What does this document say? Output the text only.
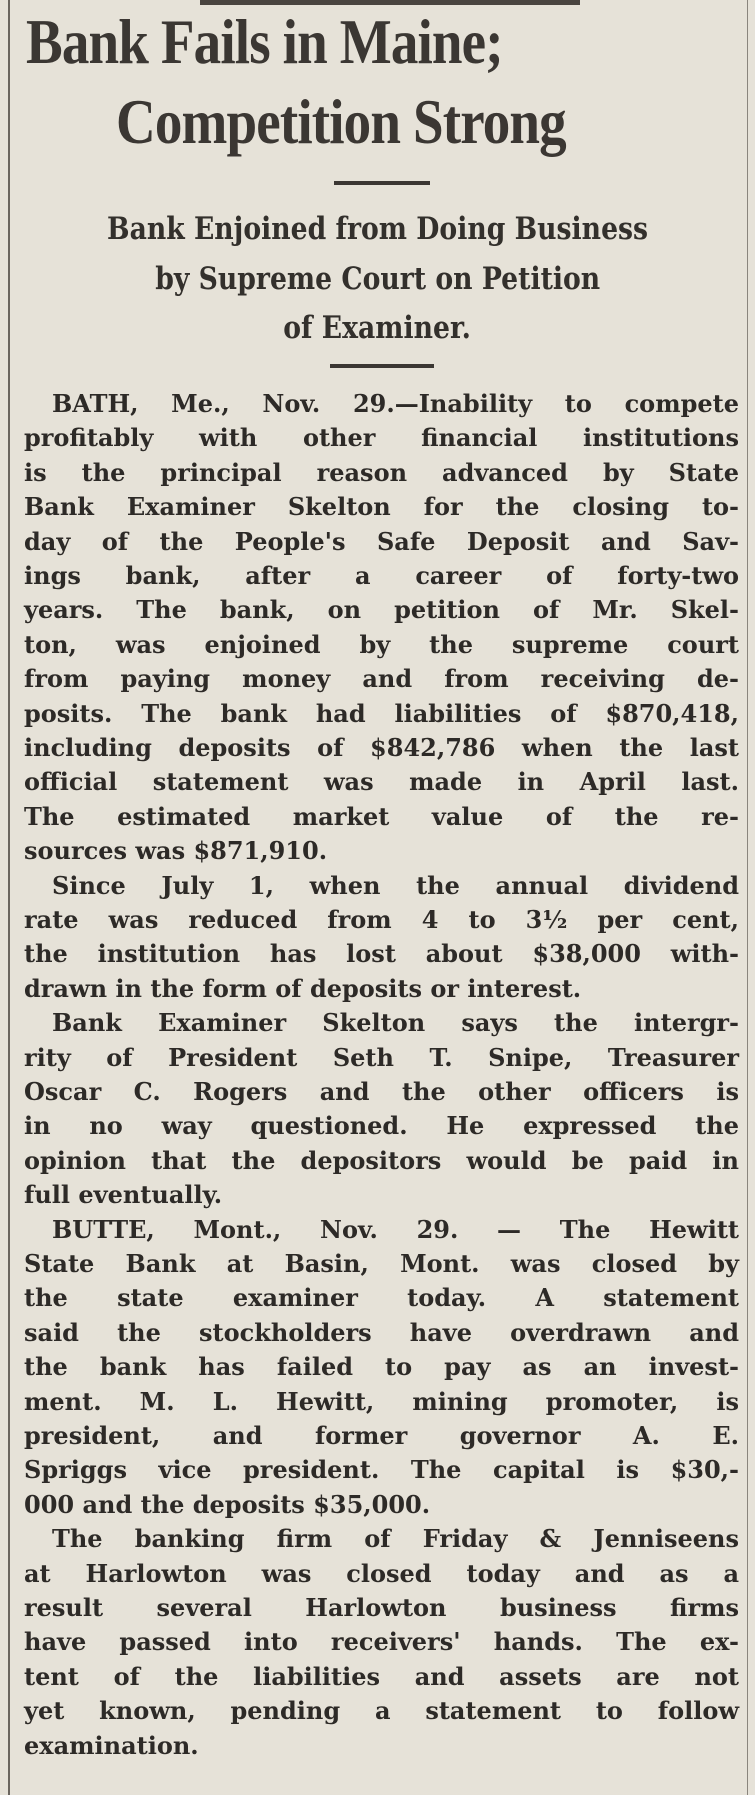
Bank Fails in Maine;
Competition Strong
Bank Enjoined from Doing Business
by Supreme Court on Petition
of Examiner.
BATH, Me., Nov. 29.—Inability to compete
profitably with other financial institutions
is the principal reason advanced by State
Bank Examiner Skelton for the closing to-
day of the People's Safe Deposit and Sav-
ings bank, after a career of forty-two
years. The bank, on petition of Mr. Skel-
ton, was enjoined by the supreme court
from paying money and from receiving de-
posits. The bank had liabilities of $870,418,
including deposits of $842,786 when the last
official statement was made in April last.
The estimated market value of the re-
sources was $871,910.
Since July 1, when the annual dividend
rate was reduced from 4 to 3½ per cent,
the institution has lost about $38,000 with-
drawn in the form of deposits or interest.
Bank Examiner Skelton says the intergr-
rity of President Seth T. Snipe, Treasurer
Oscar C. Rogers and the other officers is
in no way questioned. He expressed the
opinion that the depositors would be paid in
full eventually.
BUTTE, Mont., Nov. 29. — The Hewitt
State Bank at Basin, Mont. was closed by
the state examiner today. A statement
said the stockholders have overdrawn and
the bank has failed to pay as an invest-
ment. M. L. Hewitt, mining promoter, is
president, and former governor A. E.
Spriggs vice president. The capital is $30,-
000 and the deposits $35,000.
The banking firm of Friday & Jenniseens
at Harlowton was closed today and as a
result several Harlowton business firms
have passed into receivers' hands. The ex-
tent of the liabilities and assets are not
yet known, pending a statement to follow
examination.
